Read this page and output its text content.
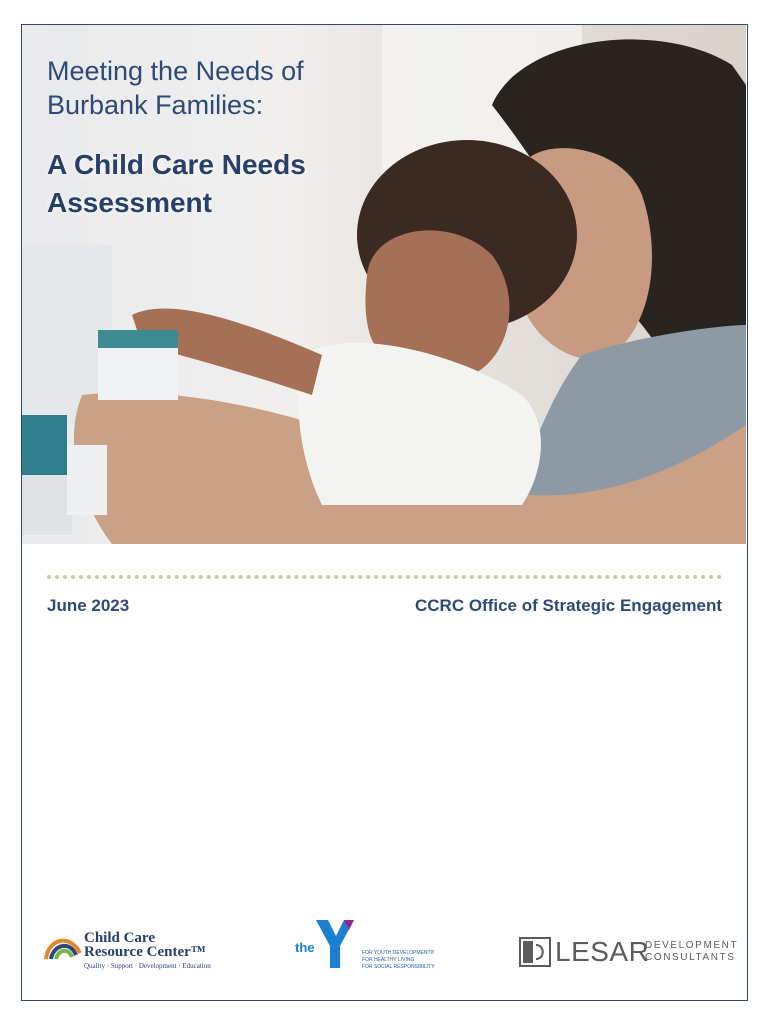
Meeting the Needs of
Burbank Families:
A Child Care Needs
Assessment
June 2023	CCRC Office of Strategic Engagement
Child Care
Resource Center™
Quality · Support · Development · Education
the	FOR YOUTH DEVELOPMENT®
FOR HEALTHY LIVING
FOR SOCIAL RESPONSIBILITY	LESAR
DEVELOPMENT
CONSULTANTS
